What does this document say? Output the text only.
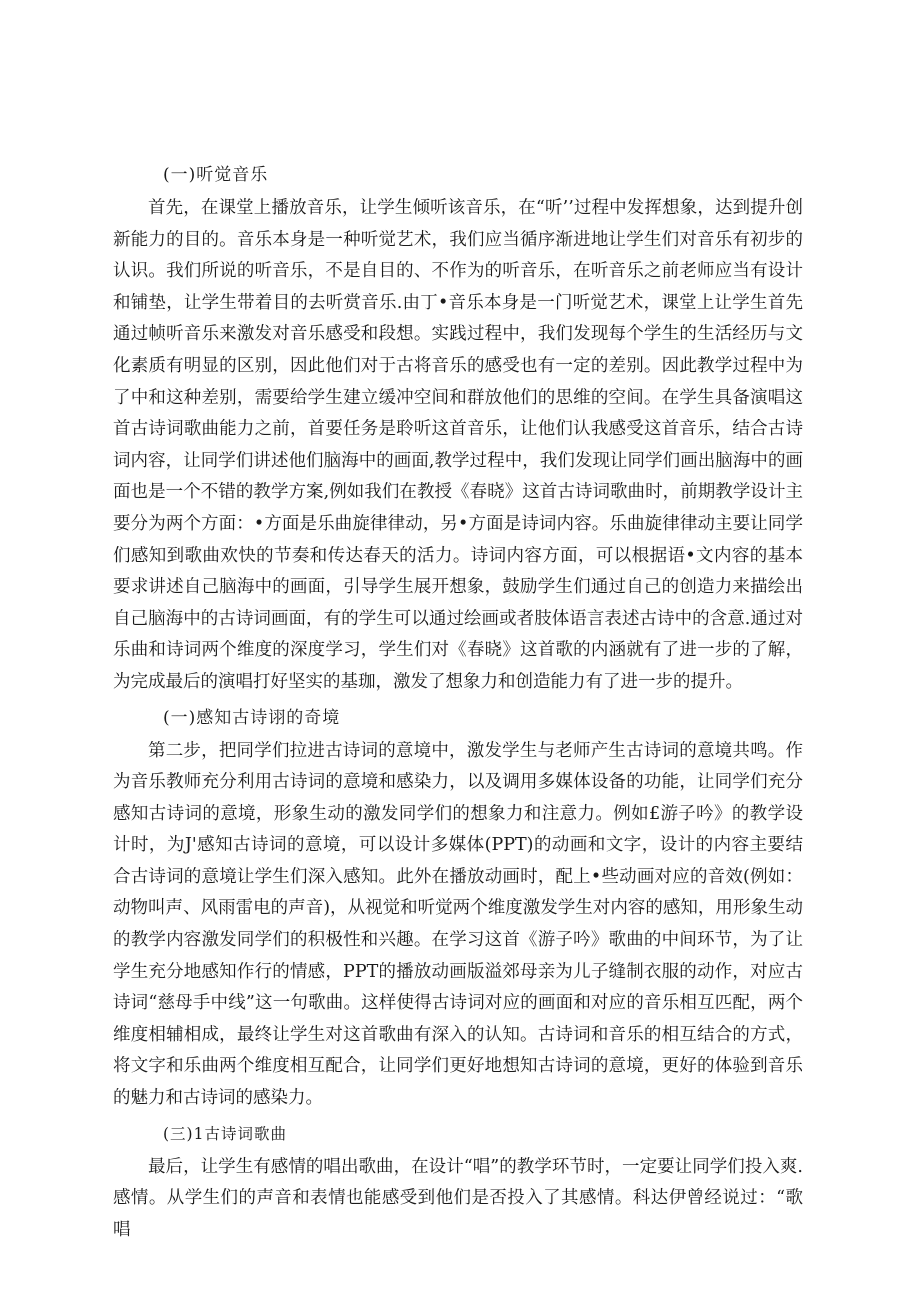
(一)听觉音乐

首先，在课堂上播放音乐，让学生倾听该音乐，在“听’’过程中发挥想象，达到提升创新能力的目的。音乐本身是一种听觉艺术，我们应当循序渐进地让学生们对音乐有初步的认识。我们所说的听音乐，不是自目的、不作为的听音乐，在听音乐之前老师应当有设计和铺垫，让学生带着目的去听赏音乐.由丁•音乐本身是一门听觉艺术，课堂上让学生首先通过帧听音乐来激发对音乐感受和段想。实践过程中，我们发现每个学生的生活经历与文化素质有明显的区别，因此他们对于古将音乐的感受也有一定的差别。因此教学过程中为了中和这种差别，需要给学生建立缓冲空间和群放他们的思维的空间。在学生具备演唱这首古诗词歌曲能力之前，首要任务是聆听这首音乐，让他们认我感受这首音乐，结合古诗词内容，让同学们讲述他们脑海中的画面,教学过程中，我们发现让同学们画出脑海中的画面也是一个不错的教学方案,例如我们在教授《春晓》这首古诗词歌曲时，前期教学设计主要分为两个方面：•方面是乐曲旋律律动，另•方面是诗词内容。乐曲旋律律动主要让同学们感知到歌曲欢快的节奏和传达春天的活力。诗词内容方面，可以根据语•文内容的基本要求讲述自己脑海中的画面，引导学生展开想象，鼓励学生们通过自己的创造力来描绘出自己脑海中的古诗词画面，有的学生可以通过绘画或者肢体语言表述古诗中的含意.通过对乐曲和诗词两个维度的深度学习，学生们对《春晓》这首歌的内涵就有了进一步的了解，为完成最后的演唱打好坚实的基珈，激发了想象力和创造能力有了进一步的提升。

(一)感知古诗诩的奇境

第二步，把同学们拉进古诗词的意境中，激发学生与老师产生古诗词的意境共鸣。作为音乐教师充分利用古诗词的意境和感染力，以及调用多媒体设备的功能，让同学们充分感知古诗词的意境，形象生动的激发同学们的想象力和注意力。例如£游子吟》的教学设计时，为J'感知古诗词的意境，可以设计多媒体(PPT)的动画和文字，设计的内容主要结合古诗词的意境让学生们深入感知。此外在播放动画时，配上•些动画对应的音效(例如：动物叫声、风雨雷电的声音)，从视觉和听觉两个维度激发学生对内容的感知，用形象生动的教学内容激发同学们的积极性和兴趣。在学习这首《游子吟》歌曲的中间环节，为了让学生充分地感知作行的情感，PPT的播放动画版溢郊母亲为儿子缝制衣服的动作，对应古诗词“慈母手中线”这一句歌曲。这样使得古诗词对应的画面和对应的音乐相互匹配，两个维度相辅相成，最终让学生对这首歌曲有深入的认知。古诗词和音乐的相互结合的方式，将文字和乐曲两个维度相互配合，让同学们更好地想知古诗词的意境，更好的体验到音乐的魅力和古诗词的感染力。

(三)1古诗词歌曲

最后，让学生有感情的唱出歌曲，在设计“唱”的教学环节时，一定要让同学们投入爽.感情。从学生们的声音和表情也能感受到他们是否投入了其感情。科达伊曾经说过：“歌唱
